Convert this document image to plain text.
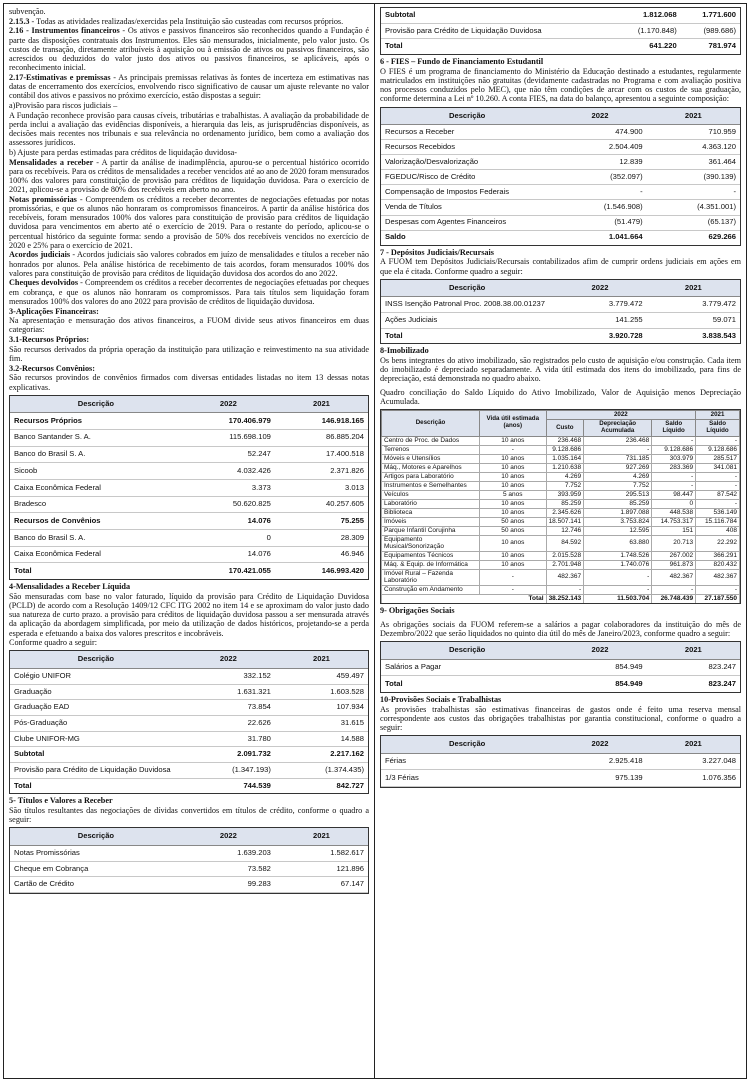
subvenção.

2.15.3 - Todas as atividades realizadas/exercidas pela Instituição são custeadas com recursos próprios.

2.16 - Instrumentos financeiros - Os ativos e passivos financeiros são reconhecidos quando a Fundação é parte das disposições contratuais dos Instrumentos. Eles são mensurados, inicialmente, pelo valor justo. Os custos de transação, diretamente atribuíveis à aquisição ou à emissão de ativos ou passivos financeiros, são acrescidos ou deduzidos do valor justo dos ativos ou passivos financeiros, se aplicáveis, após o reconhecimento inicial.

2.17-Estimativas e premissas - As principais premissas relativas às fontes de incerteza em estimativas nas datas de encerramento dos exercícios, envolvendo risco significativo de causar um ajuste relevante no valor contábil dos ativos e passivos no próximo exercício, estão dispostas a seguir:

a)Provisão para riscos judiciais –

A Fundação reconhece provisão para causas cíveis, tributárias e trabalhistas. A avaliação da probabilidade de perda inclui a avaliação das evidências disponíveis, a hierarquia das leis, as jurisprudências disponíveis, as decisões mais recentes nos tribunais e sua relevância no ordenamento jurídico, bem como a avaliação dos assessores jurídicos.

b) Ajuste para perdas estimadas para créditos de liquidação duvidosa-

Mensalidades a receber - A partir da análise de inadimplência, apurou-se o percentual histórico ocorrido para os recebíveis. Para os créditos de mensalidades a receber vencidos até ao ano de 2020 foram mensurados 100% dos valores para constituição de provisão para créditos de liquidação duvidosa. Para o exercício de 2021, aplicou-se a provisão de 80% dos recebíveis em aberto no ano.

Notas promissórias - Compreendem os créditos a receber decorrentes de negociações efetuadas por notas promissórias, e que os alunos não honraram os compromissos financeiros. A partir da análise histórica dos recebíveis, foram mensurados 100% dos valores para constituição de provisão para créditos de liquidação duvidosa para vencimentos em aberto até o exercício de 2019. Para o restante do período, aplicou-se o percentual histórico da seguinte forma: sendo a provisão de 50% dos recebíveis vencidos no exercício de 2020 e 25% para o exercício de 2021.

Acordos judiciais - Acordos judiciais são valores cobrados em juízo de mensalidades e títulos a receber não honrados por alunos. Pela análise histórica de recebimento de tais acordos, foram mensurados 100% dos valores para constituição de provisão para créditos de liquidação duvidosa dos acordos do ano 2022.

Cheques devolvidos - Compreendem os créditos a receber decorrentes de negociações efetuadas por cheques em cobrança, e que os alunos não honraram os compromissos. Para tais títulos sem liquidação foram mensurados 100% dos valores do ano 2022 para provisão de créditos de liquidação duvidosa.

3-Aplicações Financeiras:

Na apresentação e mensuração dos ativos financeiros, a FUOM divide seus ativos financeiros em duas categorias:

3.1-Recursos Próprios:

São recursos derivados da própria operação da instituição para utilização e reinvestimento na sua atividade fim.

3.2-Recursos Convênios:

São recursos provindos de convênios firmados com diversas entidades listadas no item 13 dessas notas explicativas.

Descrição	2022	2021
Recursos Próprios	170.406.979	146.918.165
Banco Santander S. A.	115.698.109	86.885.204
Banco do Brasil S. A.	52.247	17.400.518
Sicoob	4.032.426	2.371.826
Caixa Econômica Federal	3.373	3.013
Bradesco	50.620.825	40.257.605
Recursos de Convênios	14.076	75.255
Banco do Brasil S. A.	0	28.309
Caixa Econômica Federal	14.076	46.946
Total	170.421.055	146.993.420

4-Mensalidades a Receber Líquida

São mensuradas com base no valor faturado, líquido da provisão para Crédito de Liquidação Duvidosa (PCLD) de acordo com a Resolução 1409/12 CFC ITG 2002 no item 14 e se aproximam do valor justo dado sua natureza de curto prazo. a provisão para créditos de liquidação duvidosa passou a ser mensurada através da aplicação da abordagem simplificada, por meio da utilização de dados históricos, projetando-se a perda esperada e efetuando a baixa dos valores prescritos e incobráveis.

Conforme quadro a seguir:

Descrição	2022	2021
Colégio UNIFOR	332.152	459.497
Graduação	1.631.321	1.603.528
Graduação EAD	73.854	107.934
Pós-Graduação	22.626	31.615
Clube UNIFOR-MG	31.780	14.588
Subtotal	2.091.732	2.217.162
Provisão para Crédito de Liquidação Duvidosa	(1.347.193)	(1.374.435)
Total	744.539	842.727

5- Títulos e Valores a Receber

São títulos resultantes das negociações de dívidas convertidos em títulos de crédito, conforme o quadro a seguir:

Descrição	2022	2021
Notas Promissórias	1.639.203	1.582.617
Cheque em Cobrança	73.582	121.896
Cartão de Crédito	99.283	67.147
Subtotal	1.812.068	1.771.600
Provisão para Crédito de Liquidação Duvidosa	(1.170.848)	(989.686)
Total	641.220	781.974

6 - FIES – Fundo de Financiamento Estudantil

O FIES é um programa de financiamento do Ministério da Educação destinado a estudantes, regularmente matriculados em instituições não gratuitas (devidamente cadastradas no Programa e com avaliação positiva nos processos conduzidos pelo MEC), que não têm condições de arcar com os custos de sua graduação, conforme determina a Lei nº 10.260. A conta FIES, na data do balanço, apresentou a seguinte composição:

Descrição	2022	2021
Recursos a Receber	474.900	710.959
Recursos Recebidos	2.504.409	4.363.120
Valorização/Desvalorização	12.839	361.464
FGEDUC/Risco de Crédito	(352.097)	(390.139)
Compensação de Impostos Federais	-	-
Venda de Títulos	(1.546.908)	(4.351.001)
Despesas com Agentes Financeiros	(51.479)	(65.137)
Saldo	1.041.664	629.266

7 - Depósitos Judiciais/Recursais

A FUOM tem Depósitos Judiciais/Recursais contabilizados afim de cumprir ordens judiciais em ações em que ela é citada. Conforme quadro a seguir:

Descrição	2022	2021
INSS Isenção Patronal Proc. 2008.38.00.01237	3.779.472	3.779.472
Ações Judiciais	141.255	59.071
Total	3.920.728	3.838.543

8-Imobilizado

Os bens integrantes do ativo imobilizado, são registrados pelo custo de aquisição e/ou construção. Cada item do imobilizado é depreciado separadamente. A vida útil estimada dos itens do imobilizado, para fins de depreciação, está demonstrada no quadro abaixo.

Quadro conciliação do Saldo Líquido do Ativo Imobilizado, Valor de Aquisição menos Depreciação Acumulada.

Descrição	Vida útil estimada (anos)	2022			2021
		Custo	Depreciação Acumulada	Saldo Líquido	Saldo Líquido
Centro de Proc. de Dados	10 anos	236.468	236.468	-	-
Terrenos	-	9.128.686	-	9.128.686	9.128.686
Móveis e Utensílios	10 anos	1.035.164	731.185	303.979	285.517
Máq., Motores e Aparelhos	10 anos	1.210.638	927.269	283.369	341.081
Artigos para Laboratório	10 anos	4.269	4.269	-	-
Instrumentos e Semelhantes	10 anos	7.752	7.752	-	-
Veículos	5 anos	393.959	295.513	98.447	87.542
Laboratório	10 anos	85.259	85.259	0	-
Biblioteca	10 anos	2.345.626	1.897.088	448.538	536.149
Imóveis	50 anos	18.507.141	3.753.824	14.753.317	15.116.784
Parque Infantil Corujinha	50 anos	12.746	12.595	151	408
Equipamento Musical/Sonorização	10 anos	84.592	63.880	20.713	22.292
Equipamentos Técnicos	10 anos	2.015.528	1.748.526	267.002	366.291
Máq. & Equip. de Informática	10 anos	2.701.948	1.740.076	961.873	820.432
Imóvel Rural – Fazenda Laboratório	-	482.367	-	482.367	482.367
Construção em Andamento	-	-	-	-	-
Total		38.252.143	11.503.704	26.748.439	27.187.550

9- Obrigações Sociais

As obrigações sociais da FUOM referem-se a salários a pagar colaboradores da instituição do mês de Dezembro/2022 que serão liquidados no quinto dia útil do mês de Janeiro/2023, conforme quadro a seguir:

Descrição	2022	2021
Salários a Pagar	854.949	823.247
Total	854.949	823.247

10-Provisões Sociais e Trabalhistas

As provisões trabalhistas são estimativas financeiras de gastos onde é feito uma reserva mensal correspondente aos custos das obrigações trabalhistas por garantia constitucional, conforme o quadro a seguir:

Descrição	2022	2021
Férias	2.925.418	3.227.048
1/3 Férias	975.139	1.076.356
